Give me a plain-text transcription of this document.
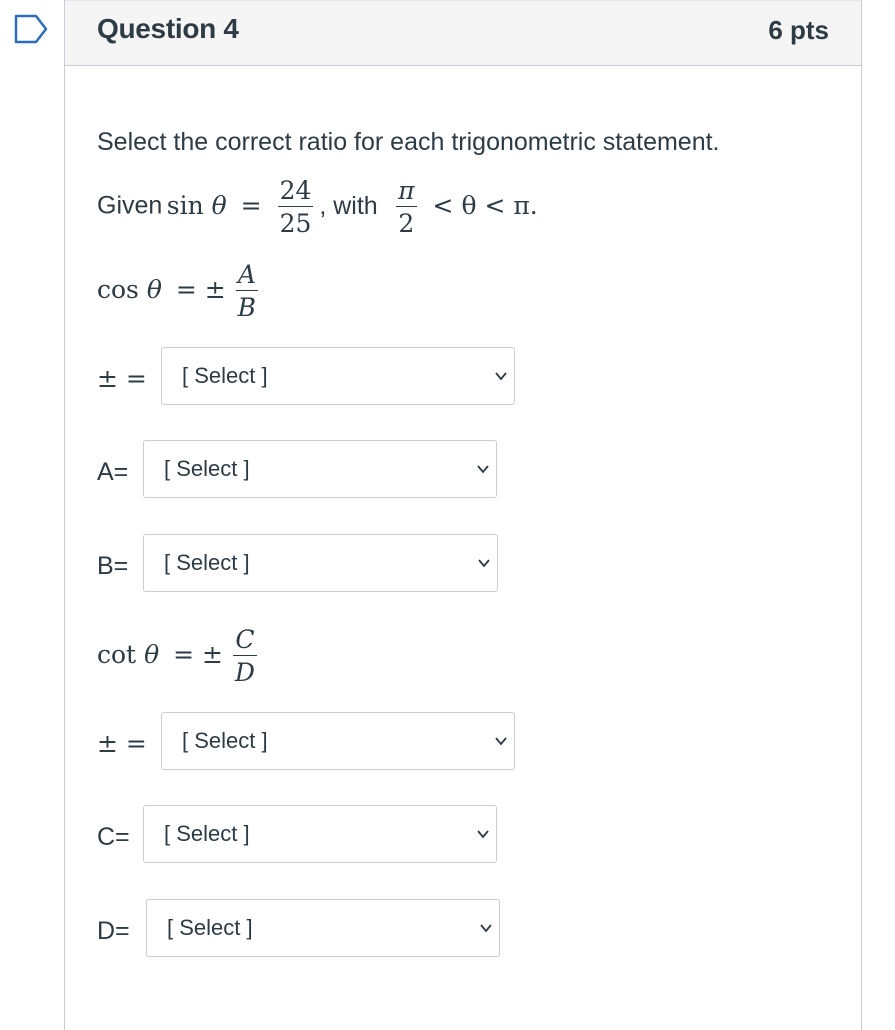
Question 4	6 pts
Select the correct ratio for each trigonometric statement.
Given $\sin \theta = \frac{24}{25}$ , with $\frac{\pi}{2} < \theta < \pi$.
cos θ = ± $\frac{A}{B}$
± = [ Select ]
A= [ Select ]
B= [ Select ]
cot θ = ± $\frac{C}{D}$
± = [ Select ]
C= [ Select ]
D= [ Select ]
